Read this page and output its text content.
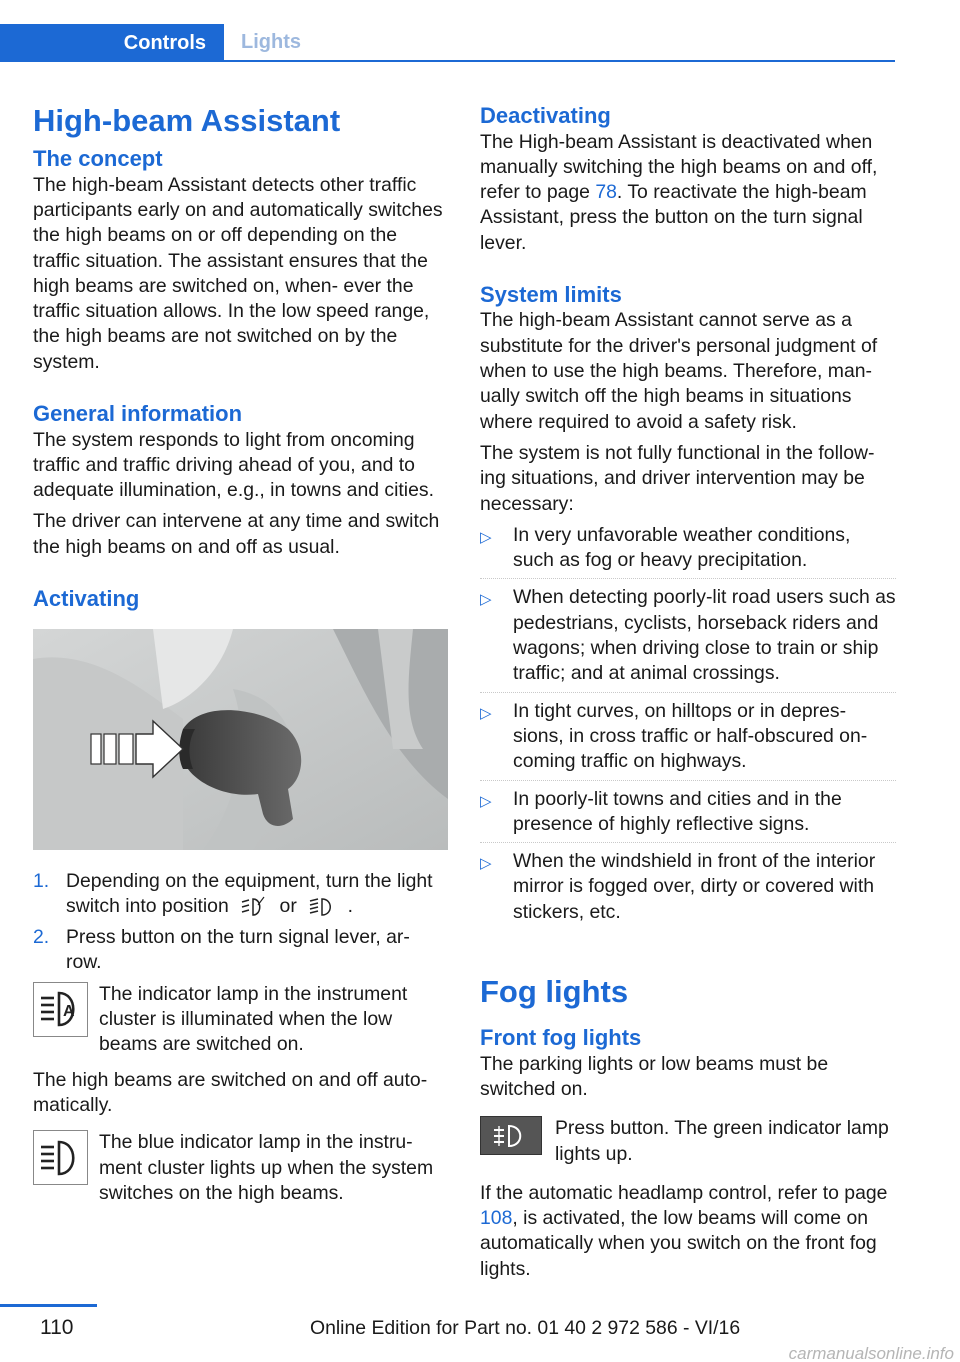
Controls	Lights
High-beam Assistant
The concept

The high-beam Assistant detects other traffic participants early on and automatically switches the high beams on or off depending on the traffic situation. The assistant ensures that the high beams are switched on, when- ever the traffic situation allows. In the low speed range, the high beams are not switched on by the system.

General information

The system responds to light from oncoming traffic and traffic driving ahead of you, and to adequate illumination, e.g., in towns and cities.

The driver can intervene at any time and switch the high beams on and off as usual.

Activating
1. Depending on the equipment, turn the light switch into position	or	.
2. Press button on the turn signal lever, ar- row.
A

The indicator lamp in the instrument cluster is illuminated when the low beams are switched on.

The high beams are switched on and off auto- matically.

The blue indicator lamp in the instru- ment cluster lights up when the system switches on the high beams.

Deactivating

The High-beam Assistant is deactivated when manually switching the high beams on and off, refer to page 78. To reactivate the high-beam Assistant, press the button on the turn signal lever.

System limits

The high-beam Assistant cannot serve as a substitute for the driver's personal judgment of when to use the high beams. Therefore, man- ually switch off the high beams in situations where required to avoid a safety risk.

The system is not fully functional in the follow- ing situations, and driver intervention may be necessary:

▷ In very unfavorable weather conditions, such as fog or heavy precipitation.
▷ When detecting poorly-lit road users such as pedestrians, cyclists, horseback riders and wagons; when driving close to train or ship traffic; and at animal crossings.
▷ In tight curves, on hilltops or in depres- sions, in cross traffic or half-obscured on- coming traffic on highways.
▷ In poorly-lit towns and cities and in the presence of highly reflective signs.
▷ When the windshield in front of the interior mirror is fogged over, dirty or covered with stickers, etc.
Fog lights
Front fog lights

The parking lights or low beams must be switched on.

Press button. The green indicator lamp lights up.

If the automatic headlamp control, refer to page
108, is activated, the low beams will come on automatically when you switch on the front fog lights.

110	Online Edition for Part no. 01 40 2 972 586 - VI/16
carmanualsonline.info
